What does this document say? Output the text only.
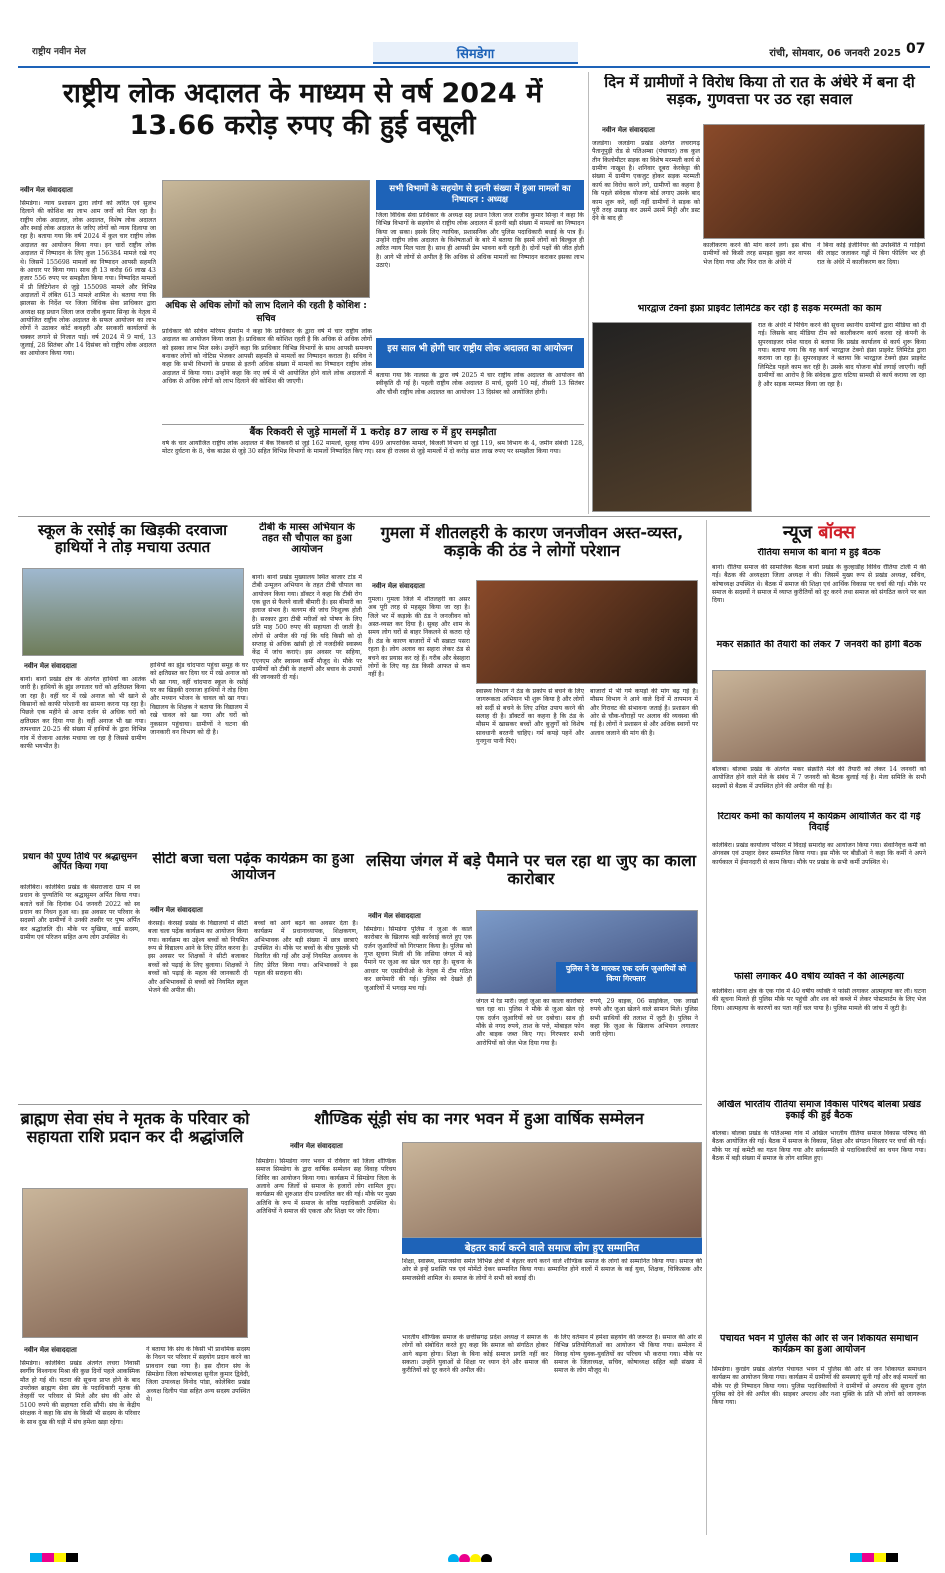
राष्ट्रीय नवीन मेल	सिमडेगा	रांची, सोमवार, 06 जनवरी 2025 07
राष्ट्रीय लोक अदालत के माध्यम से वर्ष 2024 में 13.66 करोड़ रुपए की हुई वसूली
नवीन मेल संवाददाता
सिमडेगा। न्याय प्रशासन द्वारा लोगों को त्वरित एवं सुलभ दिलाने की कोशिश का लाभ आम जनों को मिल रहा है। राष्ट्रीय लोक अदालत, लोक अदालत, विशेष लोक अदालत और स्थाई लोक अदालत के जरिए लोगों को न्याय दिलाया जा रहा है। बताया गया कि वर्ष 2024 में कुल चार राष्ट्रीय लोक अदालत का आयोजन किया गया। इन चारों राष्ट्रीय लोक अदालत में निष्पादन के लिए कुल 156384 मामले रखे गए थे। जिसमें 155698 मामलों का निष्पादन आपसी सहमति के आधार पर किया गया। साथ ही 13 करोड़ 66 लाख 43 हजार 556 रुपए पर समझौता किया गया। निष्पादित मामलों में प्री लिटिगेशन से जुड़े 155098 मामले और विभिन्न अदालतों में लंबित 613 मामले शामिल थे। बताया गया कि झालसा के निर्देश पर जिला विधिक सेवा प्राधिकार द्वारा अध्यक्ष सह प्रधान जिला जज राजीव कुमार सिन्हा के नेतृत्व में आयोजित राष्ट्रीय लोक अदालत के सफल आयोजन का लाभ लोगों ने उठाकर कोर्ट कचहरी और सरकारी कार्यालयों के चक्कर लगाने से निजात पाई। वर्ष 2024 में 9 मार्च, 13 जुलाई, 28 सितंबर और 14 दिसंबर को राष्ट्रीय लोक अदालत का आयोजन किया गया।
अधिक से अधिक लोगों को लाभ दिलाने की रहती है कोशिश : सचिव
प्राधिकार की सचिव मरियम हेमरोम ने कहा कि प्राधिकार के द्वारा वर्ष में चार राष्ट्रीय लोक अदालत का आयोजन किया जाता है। प्राधिकार की कोशिश रहती है कि अधिक से अधिक लोगों को इसका लाभ मिल सके। उन्होंने कहा कि प्राधिकार विभिन्न विभागों के साथ आपसी समन्वय बनाकर लोगों को नोटिस भेजकर आपसी सहमति से मामलों का निष्पादन कराता है। सचिव ने कहा कि सभी विभागों के प्रयास से इतनी अधिक संख्या में मामलों का निष्पादन राष्ट्रीय लोक अदालत में किया गया। उन्होंने कहा कि नए वर्ष में भी आयोजित होने वाले लोक अदालतों में अधिक से अधिक लोगों को लाभ दिलाने की कोशिश की जाएगी।
सभी विभागों के सहयोग से इतनी संख्या में हुआ मामलों का निष्पादन : अध्यक्ष
जिला विधिक सेवा प्राधिकार के अध्यक्ष सह प्रधान जिला जज राजीव कुमार सिन्हा ने कहा कि विभिन्न विभागों के सहयोग से राष्ट्रीय लोक अदालत में इतनी बड़ी संख्या में मामलों का निष्पादन किया जा सका। इसके लिए न्यायिक, प्रशासनिक और पुलिस पदाधिकारी बधाई के पात्र हैं। उन्होंने राष्ट्रीय लोक अदालत के विशेषताओं के बारे में बताया कि इसमें लोगों को बिल्कुल ही त्वरित न्याय मिल पाता है। साथ ही आपसी प्रेम भावना बनी रहती है। दोनों पक्षों की जीत होती है। आगे भी लोगों से अपील है कि अधिक से अधिक मामलों का निष्पादन कराकर इसका लाभ उठाएं।
इस साल भी होगी चार राष्ट्रीय लोक अदालत का आयोजन
बताया गया कि नालसा के द्वारा वर्ष 2025 में चार राष्ट्रीय लोक अदालत के आयोजन की स्वीकृति दी गई है। पहली राष्ट्रीय लोक अदालत 8 मार्च, दूसरी 10 मई, तीसरी 13 सितंबर और चौथी राष्ट्रीय लोक अदालत का आयोजन 13 दिसंबर को आयोजित होगी।
बैंक रिकवरी से जुड़े मामलों में 1 करोड़ 87 लाख रु में हुए समझौता
वर्ष के चार आयोजित राष्ट्रीय लोक अदालत में बैंक रिकवरी से जुड़े 162 मामलों, सुलह योग्य 499 आपराधिक मामले, बिजली विभाग से जुड़े 119, श्रम विभाग के 4, जमीन संबंधी 128, मोटर दुर्घटना के 8, चेक बाउंस से जुड़े 30 सहित विभिन्न विभागों के मामलों निष्पादित किए गए। साथ ही राजस्व से जुड़े मामलों में दो करोड़ सात लाख रुपए पर समझौता किया गया।
दिन में ग्रामीणों ने विरोध किया तो रात के अंधेरे में बना दी सड़क, गुणवत्ता पर उठ रहा सवाल
नवीन मेल संवाददाता
जलडेगा। जलडेगा प्रखंड अंतर्गत लचरागढ़ पैतानूपुड़ी रोड से पतिअम्बा (पंचायत) तक कुल तीन किलोमीटर सड़क का विशेष मरम्मती कार्य से ग्रामीण नाखुश है। शनिवार दूबरा केरकेट्टा की संख्या में ग्रामीण एकजुट होकर सड़क मरम्मती कार्य का विरोध करने लगे, ग्रामीणों का कहना है कि पहले संवेदक योजना बोर्ड लगाए उसके बाद काम शुरू करे, वहीं नहीं ग्रामीणों ने सड़क को पूरी तरह उखाड़ कर उसमें उसमें मिट्टी और डस्ट देने के बाद ही
कालीकरण करने की मांग करने लगे। इस बीच ग्रामीणों को किसी तरह समझा बुझा कर वापस भेज दिया गया और फिर रात के अंधेरे में
ने बिना कोई इंजीनियर की उपस्थिति में गाड़ियों की लाइट जलाकर गड्ढों में बिना फीलिंग भर ही रात के अंधेरे में कालीकरण कर दिया।
भारद्वाज टेक्नो इंफ्रा प्राइवेट लिमिटेड कर रही है सड़क मरम्मती का काम
रात के अंधेरे में पिचिंग करने की सूचना स्थानीय ग्रामीणों द्वारा मीडिया को दी गई। जिसके बाद मीडिया टीम को कालीकरण कार्य करवा रहे कंपनी के सुपरवाइजर रमेश यादव से बताया कि प्रखंड कार्यालय से कार्य शुरू किया गया। बताया गया कि यह कार्य भारद्वाज टेक्नो इंफ्रा प्राइवेट लिमिटेड द्वारा कराया जा रहा है। सुपरवाइजर ने बताया कि भारद्वाज टेक्नो इंफ्रा प्राइवेट लिमिटेड पहले काम कर रही है। उसके बाद योजना बोर्ड लगाई जाएगी। वहीं ग्रामीणों का आरोप है कि संवेदक द्वारा घटिया सामग्री से कार्य कराया जा रहा है और सड़क मरम्मत किया जा रहा है।
स्कूल के रसोई का खिड़की दरवाजा हाथियों ने तोड़ मचाया उत्पात
नवीन मेल संवाददाता
बानो। बानो प्रखंड क्षेत्र के अंतर्गत हाथियों का आतंक जारी है। हाथियों के झुंड लगातार घरों को क्षतिग्रस्त किया जा रहा है। वहीं घर में रखे अनाज को भी खाने से किसानों को काफी परेशानी का सामना करना पड़ रहा है। पिछले एक महीने से आपा दर्जन से अधिक घरों को क्षतिग्रस्त कर दिया गया है। वहीं अनाज भी खा गया। तत्पश्चात 20-25 की संख्या में हाथियों के द्वारा विभिन्न गांव में रोजाना आतंक मचाया जा रहा है जिससे ग्रामीण काफी भयभीत है।
हाथियों का झुंड चांदपारा पहुंचा समूह के घर को क्षतिग्रस्त कर दिया घर में रखे अनाज को भी खा गया, वहीं चांदपारा स्कूल के रसोई घर का खिड़की दरवाजा हाथियों ने तोड़ दिया और मध्यान भोजन के चावल को खा गया। विद्यालय के शिक्षक ने बताया कि विद्यालय में रखे चावल को खा गया और घरों को नुकसान पहुंचाया। ग्रामीणों ने घटना की जानकारी वन विभाग को दी है।
टीबी के मास्स अभियान के तहत सौ चौपाल का हुआ आयोजन
बानो। बानो प्रखंड मुख्यालय स्थित बाजार टांड में टीबी उन्मूलन अभियान के तहत टीबी चौपाल का आयोजन किया गया। डॉक्टर ने कहा कि टीबी रोग एक छूत से फैलने वाली बीमारी है। इस बीमारी का इलाज संभव है। बलगम की जांच निःशुल्क होती है। सरकार द्वारा टीबी मरीजों को पोषण के लिए प्रति माह 500 रुपए की सहायता दी जाती है। लोगों से अपील की गई कि यदि किसी को दो सप्ताह से अधिक खांसी हो तो नजदीकी स्वास्थ्य केंद्र में जांच कराएं। इस अवसर पर सहिया, एएनएम और स्वास्थ्य कर्मी मौजूद थे। मौके पर ग्रामीणों को टीबी के लक्षणों और बचाव के उपायों की जानकारी दी गई।
प्रधान की पुण्य तिथि पर श्रद्धासुमन अर्पित किया गया
कोलेबिरा। कोलेबिरा प्रखंड के बेसराजारा ग्राम में स्व प्रधान के पुण्यतिथि पर श्रद्धासुमन अर्पित किया गया। बताते चलें कि दिनांक 04 जनवरी 2022 को स्व प्रधान का निधन हुआ था। इस अवसर पर परिवार के सदस्यों और ग्रामीणों ने उनकी तस्वीर पर पुष्प अर्पित कर श्रद्धांजलि दी। मौके पर मुखिया, वार्ड सदस्य, ग्रामीण एवं परिजन सहित अन्य लोग उपस्थित थे।
गुमला में शीतलहरी के कारण जनजीवन अस्त-व्यस्त, कड़ाके की ठंड ने लोगों परेशान
नवीन मेल संवाददाता
गुमला। गुमला जिले में शीतलहरी का असर अब पूरी तरह से महसूस किया जा रहा है। जिले भर में कड़ाके की ठंड ने जनजीवन को अस्त-व्यस्त कर दिया है। सुबह और शाम के समय लोग घरों से बाहर निकलने से कतरा रहे हैं। ठंड के कारण बाजारों में भी सन्नाटा पसरा रहता है। लोग अलाव का सहारा लेकर ठंड से बचने का प्रयास कर रहे हैं। गरीब और बेसहारा लोगों के लिए यह ठंड किसी आफत से कम नहीं है।
स्वास्थ्य विभाग ने ठंड के प्रकोप से बचने के लिए जागरूकता अभियान भी शुरू किया है और लोगों को सर्दी से बचने के लिए उचित उपाय करने की सलाह दी है। डॉक्टरों का कहना है कि ठंड के मौसम में खासकर बच्चों और बुजुर्गों को विशेष सावधानी बरतनी चाहिए। गर्म कपड़े पहनें और गुनगुना पानी पिएं।
बाजारों में भी गर्म कपड़ों की मांग बढ़ गई है। मौसम विभाग ने आने वाले दिनों में तापमान में और गिरावट की संभावना जताई है। प्रशासन की ओर से चौक-चौराहों पर अलाव की व्यवस्था की गई है। लोगों ने प्रशासन से और अधिक स्थानों पर अलाव जलाने की मांग की है।
सीटी बजा चला पढ़ेंक कार्यक्रम का हुआ आयोजन
नवीन मेल संवाददाता
केरसई। केरसई प्रखंड के विद्यालयों में सीटी बजा चला पढ़ेंक कार्यक्रम का आयोजन किया गया। कार्यक्रम का उद्देश्य बच्चों को नियमित रूप से विद्यालय आने के लिए प्रेरित करना है। इस अवसर पर शिक्षकों ने सीटी बजाकर बच्चों को पढ़ाई के लिए बुलाया। शिक्षकों ने बच्चों को पढ़ाई के महत्व की जानकारी दी और अभिभावकों से बच्चों को नियमित स्कूल भेजने की अपील की।
बच्चों को आगे बढ़ने का अवसर देता है। कार्यक्रम में प्रधानाध्यापक, शिक्षकगण, अभिभावक और बड़ी संख्या में छात्र छात्राएं उपस्थित थे। मौके पर बच्चों के बीच पुस्तकें भी वितरित की गईं और उन्हें नियमित अध्ययन के लिए प्रेरित किया गया। अभिभावकों ने इस पहल की सराहना की।
लसिया जंगल में बड़े पैमाने पर चल रहा था जुए का काला कारोबार
नवीन मेल संवाददाता
सिमडेगा। सिमडेगा पुलिस ने जुआ के काले कारोबार के खिलाफ बड़ी कार्रवाई करते हुए एक दर्जन जुआरियों को गिरफ्तार किया है। पुलिस को गुप्त सूचना मिली थी कि लसिया जंगल में बड़े पैमाने पर जुआ का खेल चल रहा है। सूचना के आधार पर एसडीपीओ के नेतृत्व में टीम गठित कर छापेमारी की गई। पुलिस को देखते ही जुआरियों में भगदड़ मच गई।
पुलिस ने रेड मारकर एक दर्जन जुआरियों को किया गिरफ्तार
जंगल में रेड मारी। जहां जुआ का काला कारोबार चल रहा था। पुलिस ने मौके से जुआ खेल रहे एक दर्जन जुआरियों को धर दबोचा। साथ ही मौके से नगद रुपये, ताश के पत्ते, मोबाइल फोन और बाइक जब्त किए गए। गिरफ्तार सभी आरोपियों को जेल भेज दिया गया है।
रुपये, 29 बाइक, 06 साइकिल, एक लाखों रुपये और जुआ खेलने वाले सामान मिले। पुलिस सभी साथियों की तलाश में जुटी है। पुलिस ने कहा कि जुआ के खिलाफ अभियान लगातार जारी रहेगा।
ब्राह्मण सेवा संघ ने मृतक के परिवार को सहायता राशि प्रदान कर दी श्रद्धांजलि
नवीन मेल संवाददाता
सिमडेगा। कोलेबिरा प्रखंड अंतर्गत लचरा निवासी स्वर्गीय विश्वनाथ मिश्रा की कुछ दिनों पहले आकस्मिक मौत हो गई थी। घटना की सूचना प्राप्त होने के बाद उपरोक्त ब्राह्मण सेवा संघ के पदाधिकारी मृतक की तेरहवीं पर परिवार से मिले और संघ की ओर से 5100 रुपये की सहायता राशि सौंपी। संघ के केंद्रीय संरक्षक ने कहा कि संघ के किसी भी सदस्य के परिवार के साथ दुख की घड़ी में संघ हमेशा खड़ा रहेगा।
ने बताया कि संघ के किसी भी प्राथमिक सदस्य के निधन पर परिवार में सहयोग प्रदान करने का प्रावधान रखा गया है। इस दौरान संघ के सिमडेगा जिला कोषाध्यक्ष सुनील कुमार द्विवेदी, जिला उपाध्यक्ष विनोद पांडा, कोलेबिरा प्रखंड अध्यक्ष दिलीप पंडा सहित अन्य सदस्य उपस्थित थे।
शौण्डिक सूंड़ी संघ का नगर भवन में हुआ वार्षिक सम्मेलन
नवीन मेल संवाददाता
सिमडेगा। सिमडेगा नगर भवन में रविवार को जिला शौण्डिक समाज सिमडेगा के द्वारा वार्षिक सम्मेलन सह विवाह परिचय शिविर का आयोजन किया गया। कार्यक्रम में सिमडेगा जिला के अलावे अन्य जिलों से समाज के हजारों लोग शामिल हुए। कार्यक्रम की शुरुआत दीप प्रज्वलित कर की गई। मौके पर मुख्य अतिथि के रूप में समाज के वरिष्ठ पदाधिकारी उपस्थित थे। अतिथियों ने समाज की एकता और शिक्षा पर जोर दिया।
बेहतर कार्य करने वाले समाज लोग हुए सम्मानित
शिक्षा, स्वास्थ्य, समाजसेवा समेत विभिन्न क्षेत्रों में बेहतर कार्य करने वाले शौण्डिक समाज के लोगों को सम्मानित किया गया। समाज की ओर से इन्हें प्रशस्ति पत्र एवं मोमेंटो देकर सम्मानित किया गया। सम्मानित होने वालों में समाज के कई युवा, शिक्षक, चिकित्सक और समाजसेवी शामिल थे। समाज के लोगों ने सभी को बधाई दी।
भारतीय शौण्डिक समाज के छत्तीसगढ़ प्रदेश अध्यक्ष ने समाज के लोगों को संबोधित करते हुए कहा कि समाज को संगठित होकर आगे बढ़ना होगा। शिक्षा के बिना कोई समाज प्रगति नहीं कर सकता। उन्होंने युवाओं से शिक्षा पर ध्यान देने और समाज की कुरीतियों को दूर करने की अपील की।
के लिए वर्तमान में हमेशा सहयोग की जरूरत है। समाज की ओर से विभिन्न प्रतियोगिताओं का आयोजन भी किया गया। सम्मेलन में विवाह योग्य युवक-युवतियों का परिचय भी कराया गया। मौके पर समाज के जिलाध्यक्ष, सचिव, कोषाध्यक्ष सहित बड़ी संख्या में समाज के लोग मौजूद थे।
न्यूज बॉक्स
रौतिया समाज की बानो में हुई बैठक
बानो। रौतिया समाज की सामाजिक बैठक बानो प्रखंड के कुल्हाडीह विविध रौतिया टोली में की गई। बैठक की अध्यक्षता जिला अध्यक्ष ने की। जिसमें मुख्य रूप से प्रखंड अध्यक्ष, सचिव, कोषाध्यक्ष उपस्थित थे। बैठक में समाज की शिक्षा एवं आर्थिक विकास पर चर्चा की गई। मौके पर समाज के सदस्यों ने समाज में व्याप्त कुरीतियों को दूर करने तथा समाज को संगठित करने पर बल दिया।
मकर संक्रांति की तैयारी को लेकर 7 जनवरी को होगी बैठक
बोलबा। बोलबा प्रखंड के अंतर्गत मकर संक्रांति मेले की तैयारी को लेकर 14 जनवरी को आयोजित होने वाले मेले के संबंध में 7 जनवरी को बैठक बुलाई गई है। मेला समिति के सभी सदस्यों से बैठक में उपस्थित होने की अपील की गई है।
रिटायर कर्मी को कार्यालय में कार्यक्रम आयोजित कर दी गई विदाई
कोलेबिरा। प्रखंड कार्यालय परिसर में विदाई समारोह का आयोजन किया गया। सेवानिवृत्त कर्मी को अंगवस्त्र एवं उपहार देकर सम्मानित किया गया। इस मौके पर बीडीओ ने कहा कि कर्मी ने अपने कार्यकाल में ईमानदारी से काम किया। मौके पर प्रखंड के सभी कर्मी उपस्थित थे।
फांसी लगाकर 40 वर्षीय व्यक्ति ने की आत्महत्या
कोलेबिरा। थाना क्षेत्र के एक गांव में 40 वर्षीय व्यक्ति ने फांसी लगाकर आत्महत्या कर ली। घटना की सूचना मिलते ही पुलिस मौके पर पहुंची और शव को कब्जे में लेकर पोस्टमार्टम के लिए भेज दिया। आत्महत्या के कारणों का पता नहीं चल पाया है। पुलिस मामले की जांच में जुटी है।
अखिल भारतीय रौतिया समाज विकास परिषद बोलबा प्रखंड इकाई की हुई बैठक
बोलबा। बोलबा प्रखंड के पतिअम्बा गांव में अखिल भारतीय रौतिया समाज विकास परिषद की बैठक आयोजित की गई। बैठक में समाज के विकास, शिक्षा और संगठन विस्तार पर चर्चा की गई। मौके पर नई कमेटी का गठन किया गया और सर्वसम्मति से पदाधिकारियों का चयन किया गया। बैठक में बड़ी संख्या में समाज के लोग शामिल हुए।
पंचायत भवन में पुलिस की ओर से जन शिकायत समाधान कार्यक्रम का हुआ आयोजन
सिमडेगा। कुरडेग प्रखंड अंतर्गत पंचायत भवन में पुलिस की ओर से जन शिकायत समाधान कार्यक्रम का आयोजन किया गया। कार्यक्रम में ग्रामीणों की समस्याएं सुनी गईं और कई मामलों का मौके पर ही निष्पादन किया गया। पुलिस पदाधिकारियों ने ग्रामीणों से अपराध की सूचना तुरंत पुलिस को देने की अपील की। साइबर अपराध और नशा मुक्ति के प्रति भी लोगों को जागरूक किया गया।
